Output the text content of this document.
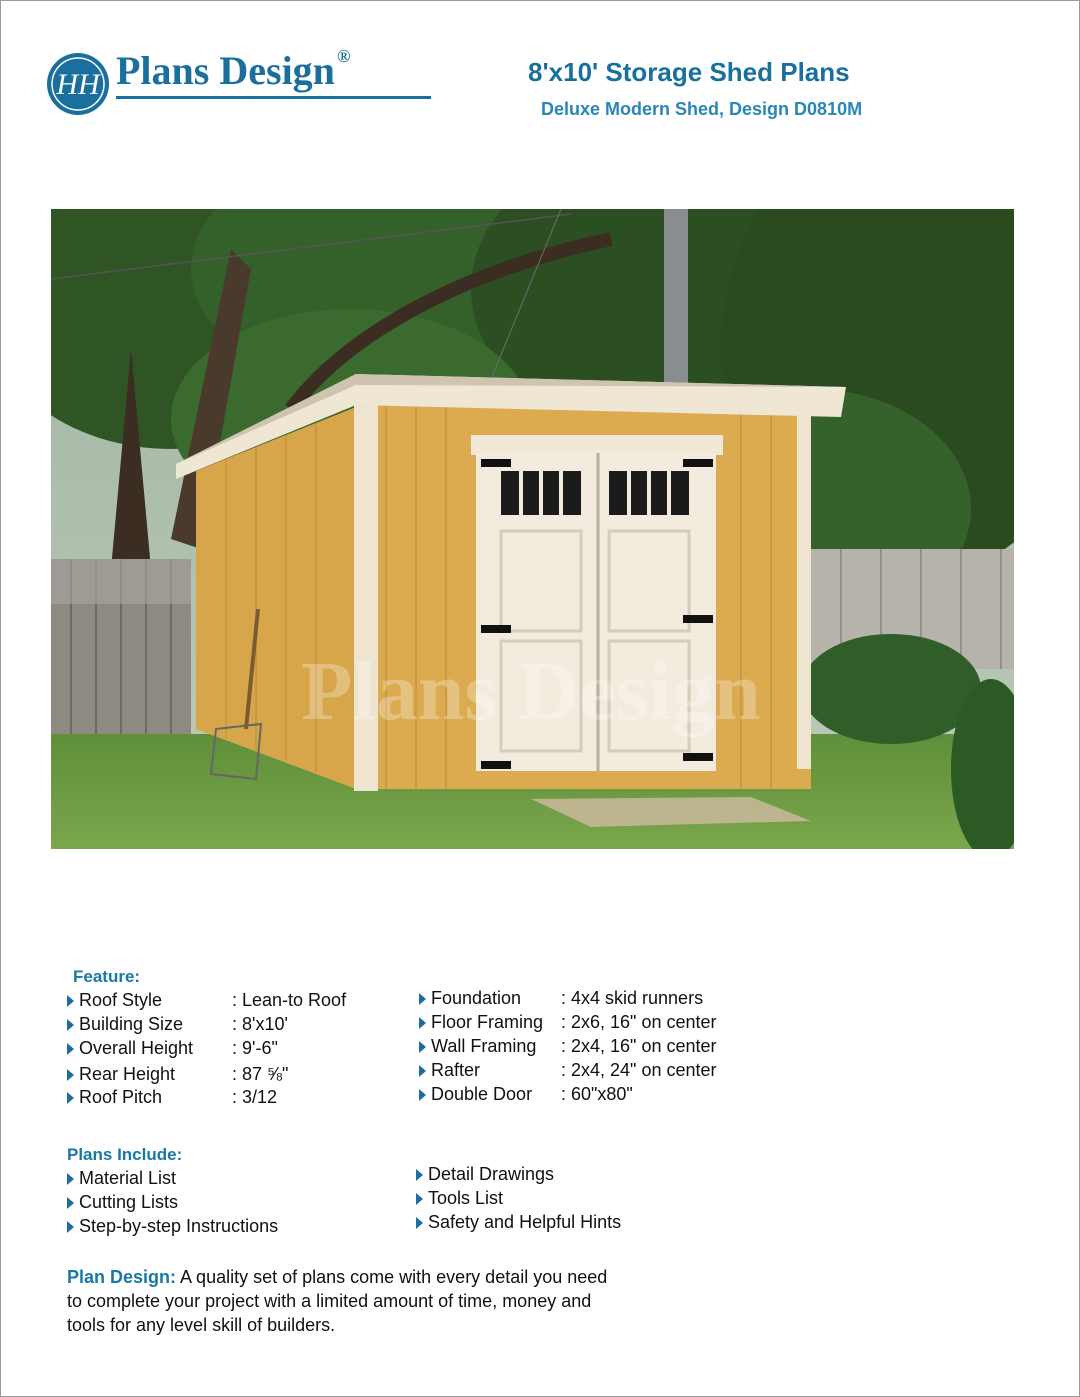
HH Plans Design ®
8'x10' Storage Shed Plans
Deluxe Modern Shed, Design D0810M
Plans Design
Feature:
Roof Style	: Lean-to Roof
Building Size	: 8'x10'
Overall Height : 9'-6"
Rear Height	: 87 ⅝"
Roof Pitch	: 3/12
Foundation : 4x4 skid runners
Floor Framing : 2x6, 16" on center
Wall Framing : 2x4, 16" on center
Rafter	: 2x4, 24" on center
Double Door : 60"x80"
Plans Include:
Material List
Cutting Lists
Step-by-step Instructions
Detail Drawings
Tools List
Safety and Helpful Hints
Plan Design: A quality set of plans come with every detail you need to complete your project with a limited amount of time, money and tools for any level skill of builders.
